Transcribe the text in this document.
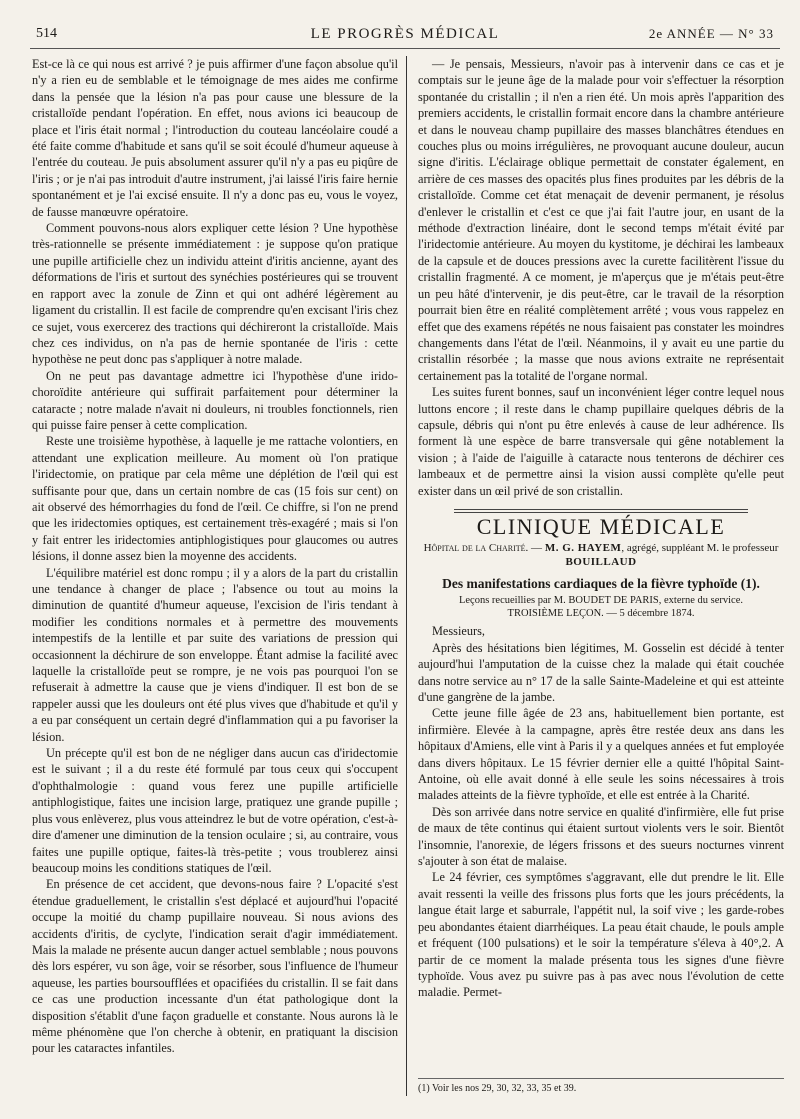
514	LE PROGRÈS MÉDICAL	2e ANNÉE — N° 33

Est-ce là ce qui nous est arrivé ? je puis affirmer d'une façon absolue qu'il n'y a rien eu de semblable et le témoignage de mes aides me confirme dans la pensée que la lésion n'a pas pour cause une blessure de la cristalloïde pendant l'opération. En effet, nous avions ici beaucoup de place et l'iris était normal ; l'introduction du couteau lancéolaire coudé a été faite comme d'habitude et sans qu'il se soit écoulé d'humeur aqueuse à l'entrée du couteau. Je puis absolument assurer qu'il n'y a pas eu piqûre de l'iris ; or je n'ai pas introduit d'autre instrument, j'ai laissé l'iris faire hernie spontanément et je l'ai excisé ensuite. Il n'y a donc pas eu, vous le voyez, de fausse manœuvre opératoire.

Comment pouvons-nous alors expliquer cette lésion ? Une hypothèse très-rationnelle se présente immédiatement : je suppose qu'on pratique une pupille artificielle chez un individu atteint d'iritis ancienne, ayant des déformations de l'iris et surtout des synéchies postérieures qui se trouvent en rapport avec la zonule de Zinn et qui ont adhéré légèrement au ligament du cristallin. Il est facile de comprendre qu'en excisant l'iris chez ce sujet, vous exercerez des tractions qui déchireront la cristalloïde. Mais chez ces individus, on n'a pas de hernie spontanée de l'iris : cette hypothèse ne peut donc pas s'appliquer à notre malade.

On ne peut pas davantage admettre ici l'hypothèse d'une irido-choroïdite antérieure qui suffirait parfaitement pour déterminer la cataracte ; notre malade n'avait ni douleurs, ni troubles fonctionnels, rien qui puisse faire penser à cette complication.

Reste une troisième hypothèse, à laquelle je me rattache volontiers, en attendant une explication meilleure. Au moment où l'on pratique l'iridectomie, on pratique par cela même une déplétion de l'œil qui est suffisante pour que, dans un certain nombre de cas (15 fois sur cent) on ait observé des hémorrhagies du fond de l'œil. Ce chiffre, si l'on ne prend que les iridectomies optiques, est certainement très-exagéré ; mais si l'on y fait entrer les iridectomies antiphlogistiques pour glaucomes ou autres lésions, il donne assez bien la moyenne des accidents.

L'équilibre matériel est donc rompu ; il y a alors de la part du cristallin une tendance à changer de place ; l'absence ou tout au moins la diminution de quantité d'humeur aqueuse, l'excision de l'iris tendant à modifier les conditions normales et à permettre des mouvements intempestifs de la lentille et par suite des variations de pression qui occasionnent la déchirure de son enveloppe. Étant admise la facilité avec laquelle la cristalloïde peut se rompre, je ne vois pas pourquoi l'on se refuserait à admettre la cause que je viens d'indiquer. Il est bon de se rappeler aussi que les douleurs ont été plus vives que d'habitude et qu'il y a eu par conséquent un certain degré d'inflammation qui a pu favoriser la lésion.

Un précepte qu'il est bon de ne négliger dans aucun cas d'iridectomie est le suivant ; il a du reste été formulé par tous ceux qui s'occupent d'ophthalmologie : quand vous ferez une pupille artificielle antiphlogistique, faites une incision large, pratiquez une grande pupille ; plus vous enlèverez, plus vous atteindrez le but de votre opération, c'est-à-dire d'amener une diminution de la tension oculaire ; si, au contraire, vous faites une pupille optique, faites-là très-petite ; vous troublerez ainsi beaucoup moins les conditions statiques de l'œil.

En présence de cet accident, que devons-nous faire ? L'opacité s'est étendue graduellement, le cristallin s'est déplacé et aujourd'hui l'opacité occupe la moitié du champ pupillaire nouveau. Si nous avions des accidents d'iritis, de cyclyte, l'indication serait d'agir immédiatement. Mais la malade ne présente aucun danger actuel semblable ; nous pouvons dès lors espérer, vu son âge, voir se résorber, sous l'influence de l'humeur aqueuse, les parties boursoufflées et opacifiées du cristallin. Il se fait dans ce cas une production incessante d'un état pathologique dont la disposition s'établit d'une façon graduelle et constante. Nous aurons là le même phénomène que l'on cherche à obtenir, en pratiquant la discision pour les cataractes infantiles.

— Je pensais, Messieurs, n'avoir pas à intervenir dans ce cas et je comptais sur le jeune âge de la malade pour voir s'effectuer la résorption spontanée du cristallin ; il n'en a rien été. Un mois après l'apparition des premiers accidents, le cristallin formait encore dans la chambre antérieure et dans le nouveau champ pupillaire des masses blanchâtres étendues en couches plus ou moins irrégulières, ne provoquant aucune douleur, aucun signe d'iritis. L'éclairage oblique permettait de constater également, en arrière de ces masses des opacités plus fines produites par les débris de la cristalloïde. Comme cet état menaçait de devenir permanent, je résolus d'enlever le cristallin et c'est ce que j'ai fait l'autre jour, en usant de la méthode d'extraction linéaire, dont le second temps m'était évité par l'iridectomie antérieure. Au moyen du kystitome, je déchirai les lambeaux de la capsule et de douces pressions avec la curette facilitèrent l'issue du cristallin fragmenté. A ce moment, je m'aperçus que je m'étais peut-être un peu hâté d'intervenir, je dis peut-être, car le travail de la résorption pourrait bien être en réalité complètement arrêté ; vous vous rappelez en effet que des examens répétés ne nous faisaient pas constater les moindres changements dans l'état de l'œil. Néanmoins, il y avait eu une partie du cristallin résorbée ; la masse que nous avions extraite ne représentait certainement pas la totalité de l'organe normal.

Les suites furent bonnes, sauf un inconvénient léger contre lequel nous luttons encore ; il reste dans le champ pupillaire quelques débris de la capsule, débris qui n'ont pu être enlevés à cause de leur adhérence. Ils forment là une espèce de barre transversale qui gêne notablement la vision ; à l'aide de l'aiguille à cataracte nous tenterons de déchirer ces lambeaux et de permettre ainsi la vision aussi complète qu'elle peut exister dans un œil privé de son cristallin.

CLINIQUE MÉDICALE
Hôpital de la Charité. — M. G. HAYEM, agrégé, suppléant M. le professeur BOUILLAUD
Des manifestations cardiaques de la fièvre typhoïde (1).
Leçons recueillies par M. BOUDET DE PARIS, externe du service.
TROISIÈME LEÇON. — 5 décembre 1874.

Messieurs,

Après des hésitations bien légitimes, M. Gosselin est décidé à tenter aujourd'hui l'amputation de la cuisse chez la malade qui était couchée dans notre service au n° 17 de la salle Sainte-Madeleine et qui est atteinte d'une gangrène de la jambe.

Cette jeune fille âgée de 23 ans, habituellement bien portante, est infirmière. Elevée à la campagne, après être restée deux ans dans les hôpitaux d'Amiens, elle vint à Paris il y a quelques années et fut employée dans divers hôpitaux. Le 15 février dernier elle a quitté l'hôpital Saint-Antoine, où elle avait donné à elle seule les soins nécessaires à trois malades atteints de la fièvre typhoïde, et elle est entrée à la Charité.

Dès son arrivée dans notre service en qualité d'infirmière, elle fut prise de maux de tête continus qui étaient surtout violents vers le soir. Bientôt l'insomnie, l'anorexie, de légers frissons et des sueurs nocturnes vinrent s'ajouter à son état de malaise.

Le 24 février, ces symptômes s'aggravant, elle dut prendre le lit. Elle avait ressenti la veille des frissons plus forts que les jours précédents, la langue était large et saburrale, l'appétit nul, la soif vive ; les garde-robes peu abondantes étaient diarrhéiques. La peau était chaude, le pouls ample et fréquent (100 pulsations) et le soir la température s'éleva à 40°,2. A partir de ce moment la malade présenta tous les signes d'une fièvre typhoïde. Vous avez pu suivre pas à pas avec nous l'évolution de cette maladie. Permet-

(1) Voir les nos 29, 30, 32, 33, 35 et 39.
